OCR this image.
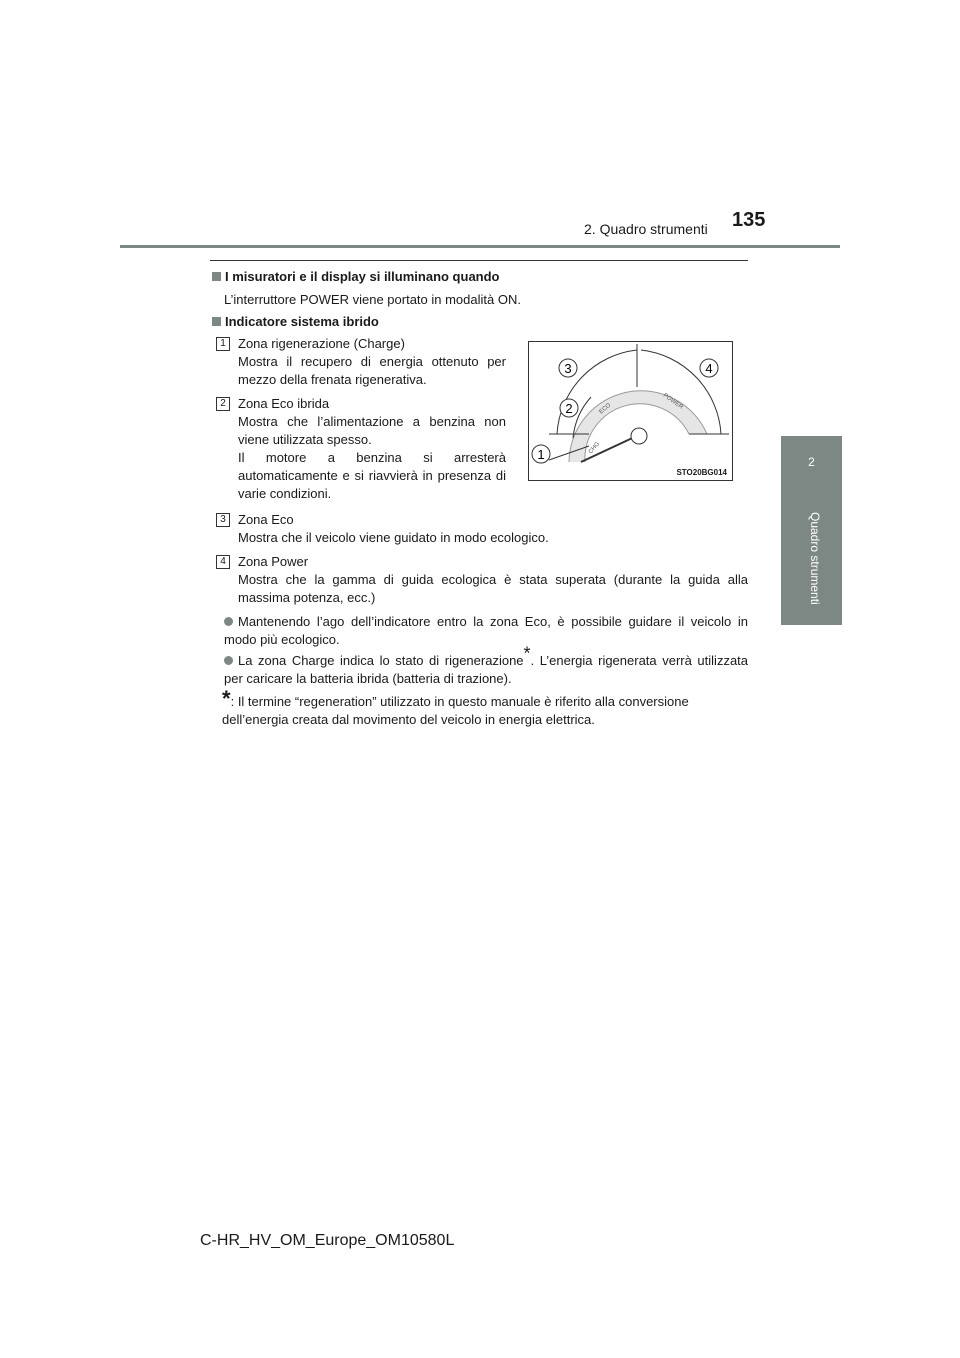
135
2. Quadro strumenti
2
Quadro strumenti
I misuratori e il display si illuminano quando
L’interruttore POWER viene portato in modalità ON.
Indicatore sistema ibrido
1 Zona rigenerazione (Charge)
Mostra il recupero di energia ottenuto per mezzo della frenata rigenerativa.
2 Zona Eco ibrida
Mostra che l’alimentazione a benzina non viene utilizzata spesso.
Il motore a benzina si arresterà automaticamente e si riavvierà in presenza di varie condizioni.
CHG
ECO	POWER
1
2
3	4
STO20BG014
3 Zona Eco
Mostra che il veicolo viene guidato in modo ecologico.
4 Zona Power
Mostra che la gamma di guida ecologica è stata superata (durante la guida alla massima potenza, ecc.)
Mantenendo l’ago dell’indicatore entro la zona Eco, è possibile guidare il veicolo in modo più ecologico.
La zona Charge indica lo stato di rigenerazione*. L’energia rigenerata verrà utilizzata per caricare la batteria ibrida (batteria di trazione).
*: Il termine “regeneration” utilizzato in questo manuale è riferito alla conversione dell’energia creata dal movimento del veicolo in energia elettrica.
C-HR_HV_OM_Europe_OM10580L
